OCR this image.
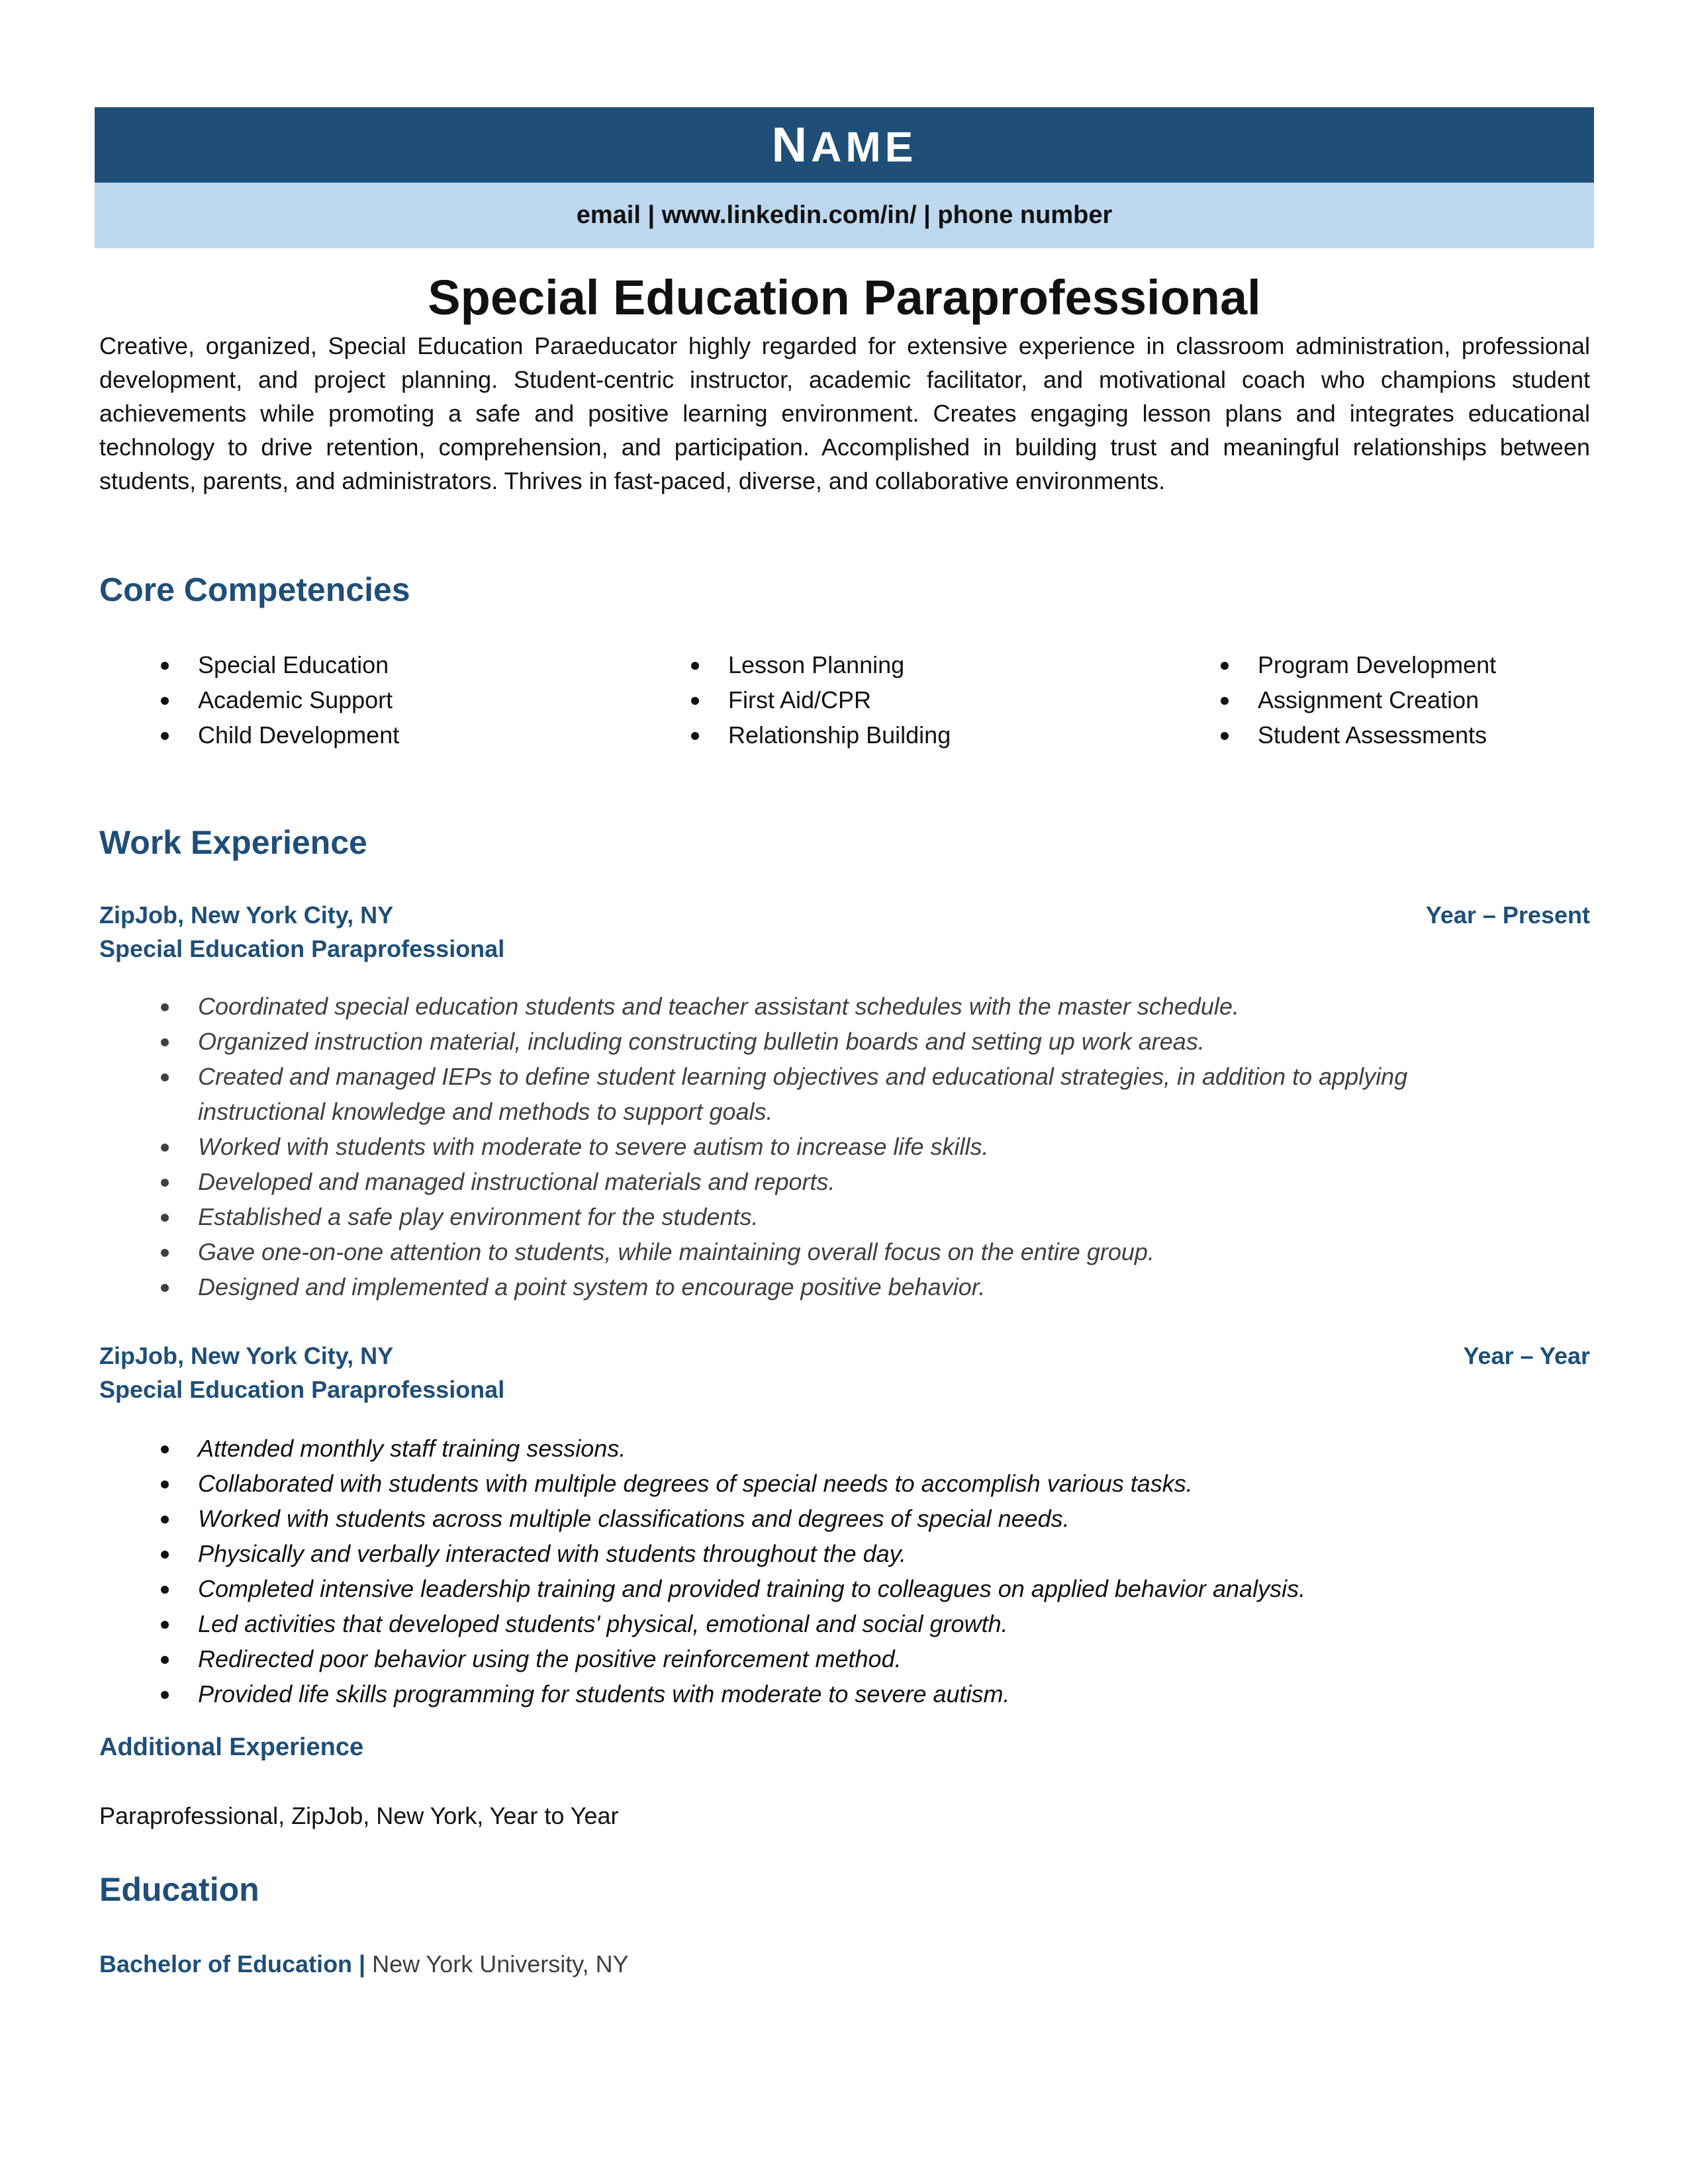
NAME
email | www.linkedin.com/in/ | phone number
Special Education Paraprofessional
Creative, organized, Special Education Paraeducator highly regarded for extensive experience in classroom administration, professional development, and project planning. Student-centric instructor, academic facilitator, and motivational coach who champions student achievements while promoting a safe and positive learning environment. Creates engaging lesson plans and integrates educational technology to drive retention, comprehension, and participation. Accomplished in building trust and meaningful relationships between students, parents, and administrators. Thrives in fast-paced, diverse, and collaborative environments.
Core Competencies
Special Education
Academic Support
Child Development
Lesson Planning
First Aid/CPR
Relationship Building
Program Development
Assignment Creation
Student Assessments
Work Experience
ZipJob, New York City, NY	Year – Present
Special Education Paraprofessional
Coordinated special education students and teacher assistant schedules with the master schedule.
Organized instruction material, including constructing bulletin boards and setting up work areas.
Created and managed IEPs to define student learning objectives and educational strategies, in addition to applying instructional knowledge and methods to support goals.
Worked with students with moderate to severe autism to increase life skills.
Developed and managed instructional materials and reports.
Established a safe play environment for the students.
Gave one-on-one attention to students, while maintaining overall focus on the entire group.
Designed and implemented a point system to encourage positive behavior.
ZipJob, New York City, NY	Year – Year
Special Education Paraprofessional
Attended monthly staff training sessions.
Collaborated with students with multiple degrees of special needs to accomplish various tasks.
Worked with students across multiple classifications and degrees of special needs.
Physically and verbally interacted with students throughout the day.
Completed intensive leadership training and provided training to colleagues on applied behavior analysis.
Led activities that developed students' physical, emotional and social growth.
Redirected poor behavior using the positive reinforcement method.
Provided life skills programming for students with moderate to severe autism.
Additional Experience
Paraprofessional, ZipJob, New York, Year to Year
Education
Bachelor of Education | New York University, NY
